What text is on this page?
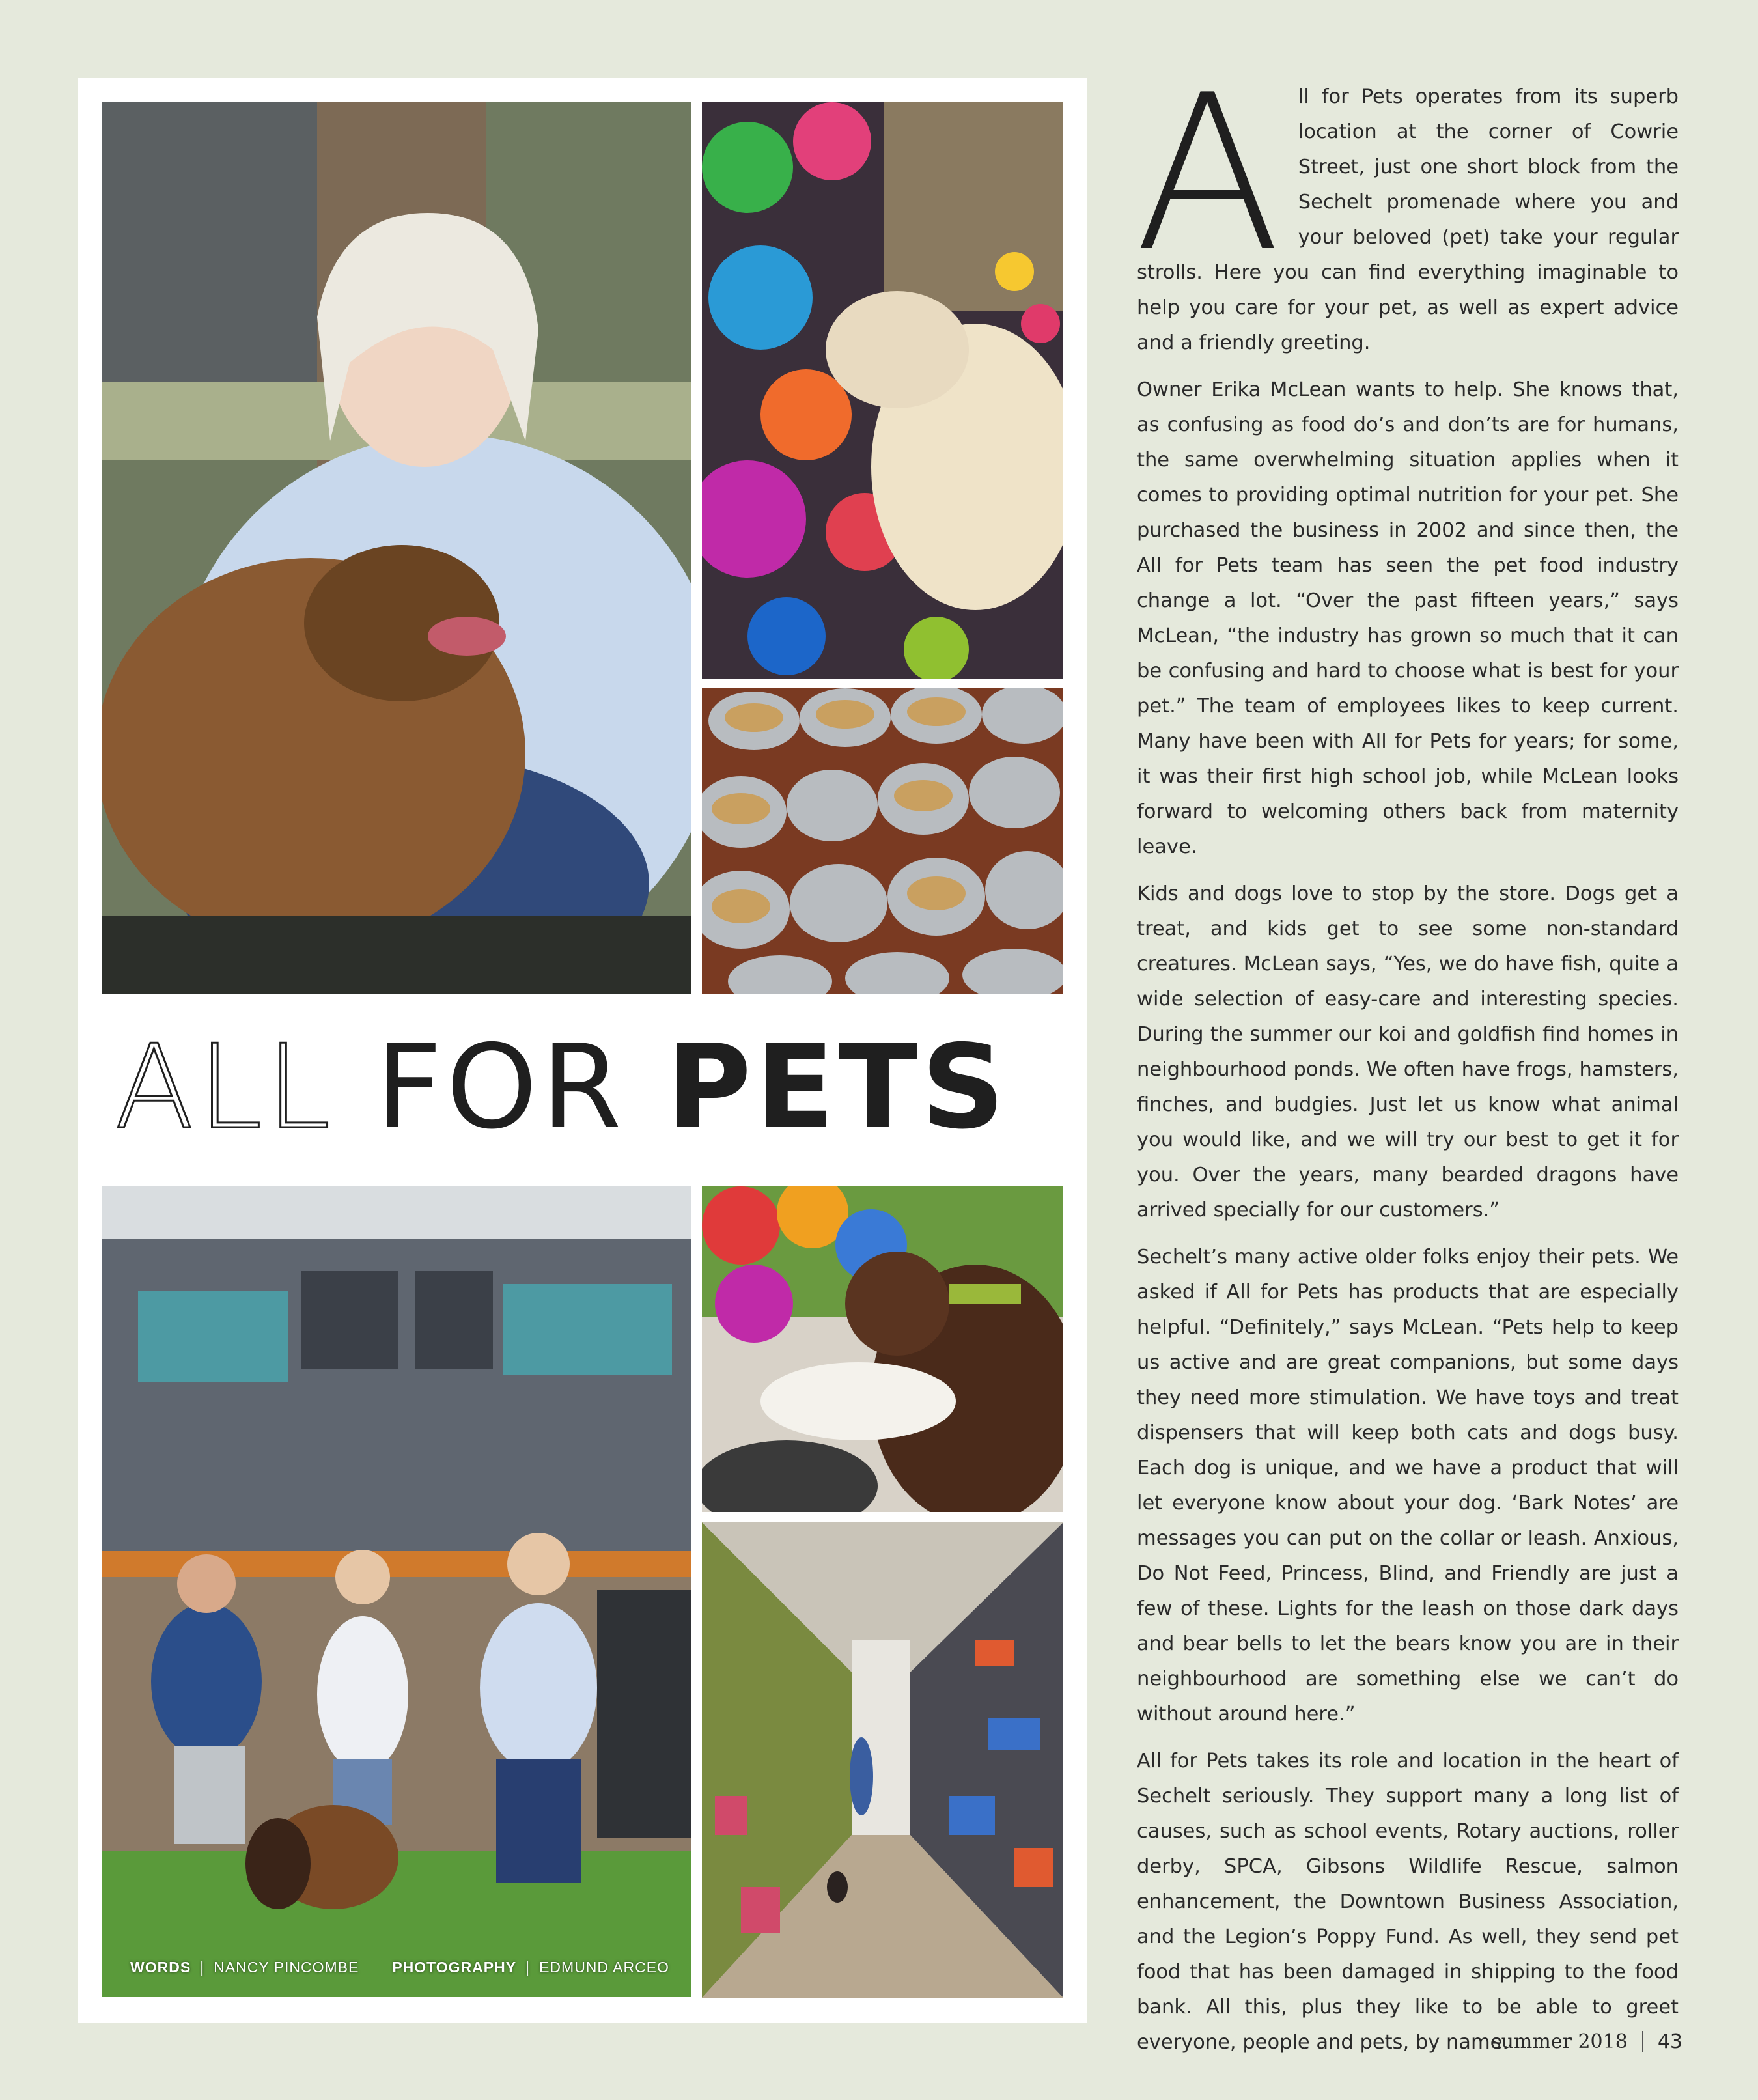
ALL FOR PETS
WORDS | NANCY PINCOMBE PHOTOGRAPHY | EDMUND ARCEO

All for Pets operates from its superb location at the corner of Cowrie Street, just one short block from the Sechelt promenade where you and your beloved (pet) take your regular strolls. Here you can find everything imaginable to help you care for your pet, as well as expert advice and a friendly greeting.

Owner Erika McLean wants to help. She knows that, as confusing as food do’s and don’ts are for humans, the same overwhelming situation applies when it comes to providing optimal nutrition for your pet. She purchased the business in 2002 and since then, the All for Pets team has seen the pet food industry change a lot. “Over the past fifteen years,” says McLean, “the industry has grown so much that it can be confusing and hard to choose what is best for your pet.” The team of employees likes to keep current. Many have been with All for Pets for years; for some, it was their first high school job, while McLean looks forward to welcoming others back from maternity leave.

Kids and dogs love to stop by the store. Dogs get a treat, and kids get to see some non-standard creatures. McLean says, “Yes, we do have fish, quite a wide selection of easy-care and interesting species. During the summer our koi and goldfish find homes in neighbourhood ponds. We often have frogs, hamsters, finches, and budgies. Just let us know what animal you would like, and we will try our best to get it for you. Over the years, many bearded dragons have arrived specially for our customers.”

Sechelt’s many active older folks enjoy their pets. We asked if All for Pets has products that are especially helpful. “Definitely,” says McLean. “Pets help to keep us active and are great companions, but some days they need more stimulation. We have toys and treat dispensers that will keep both cats and dogs busy. Each dog is unique, and we have a product that will let everyone know about your dog. ‘Bark Notes’ are messages you can put on the collar or leash. Anxious, Do Not Feed, Princess, Blind, and Friendly are just a few of these. Lights for the leash on those dark days and bear bells to let the bears know you are in their neighbourhood are something else we can’t do without around here.”

All for Pets takes its role and location in the heart of Sechelt seriously. They support many a long list of causes, such as school events, Rotary auctions, roller derby, SPCA, Gibsons Wildlife Rescue, salmon enhancement, the Downtown Business Association, and the Legion’s Poppy Fund. As well, they send pet food that has been damaged in shipping to the food bank. All this, plus they like to be able to greet everyone, people and pets, by name.

summer 2018 43
